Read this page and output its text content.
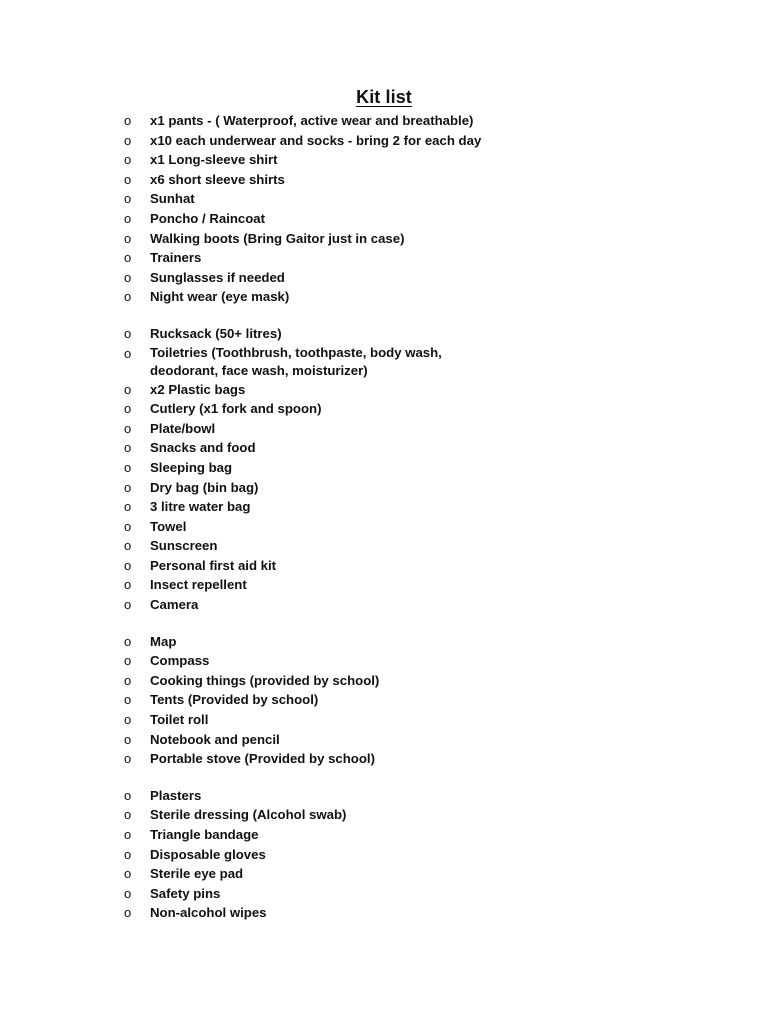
Kit list
o	x1 pants - ( Waterproof, active wear and breathable)
o	x10 each underwear and socks - bring 2 for each day
o	x1 Long-sleeve shirt
o	x6 short sleeve shirts
o	Sunhat
o	Poncho / Raincoat
o	Walking boots (Bring Gaitor just in case)
o	Trainers
o	Sunglasses if needed
o	Night wear (eye mask)
o	Rucksack (50+ litres)
o	Toiletries (Toothbrush, toothpaste, body wash,
deodorant, face wash, moisturizer)
o	x2 Plastic bags
o	Cutlery (x1 fork and spoon)
o	Plate/bowl
o	Snacks and food
o	Sleeping bag
o	Dry bag (bin bag)
o	3 litre water bag
o	Towel
o	Sunscreen
o	Personal first aid kit
o	Insect repellent
o	Camera
o	Map
o	Compass
o	Cooking things (provided by school)
o	Tents (Provided by school)
o	Toilet roll
o	Notebook and pencil
o	Portable stove (Provided by school)
o	Plasters
o	Sterile dressing (Alcohol swab)
o	Triangle bandage
o	Disposable gloves
o	Sterile eye pad
o	Safety pins
o	Non-alcohol wipes
